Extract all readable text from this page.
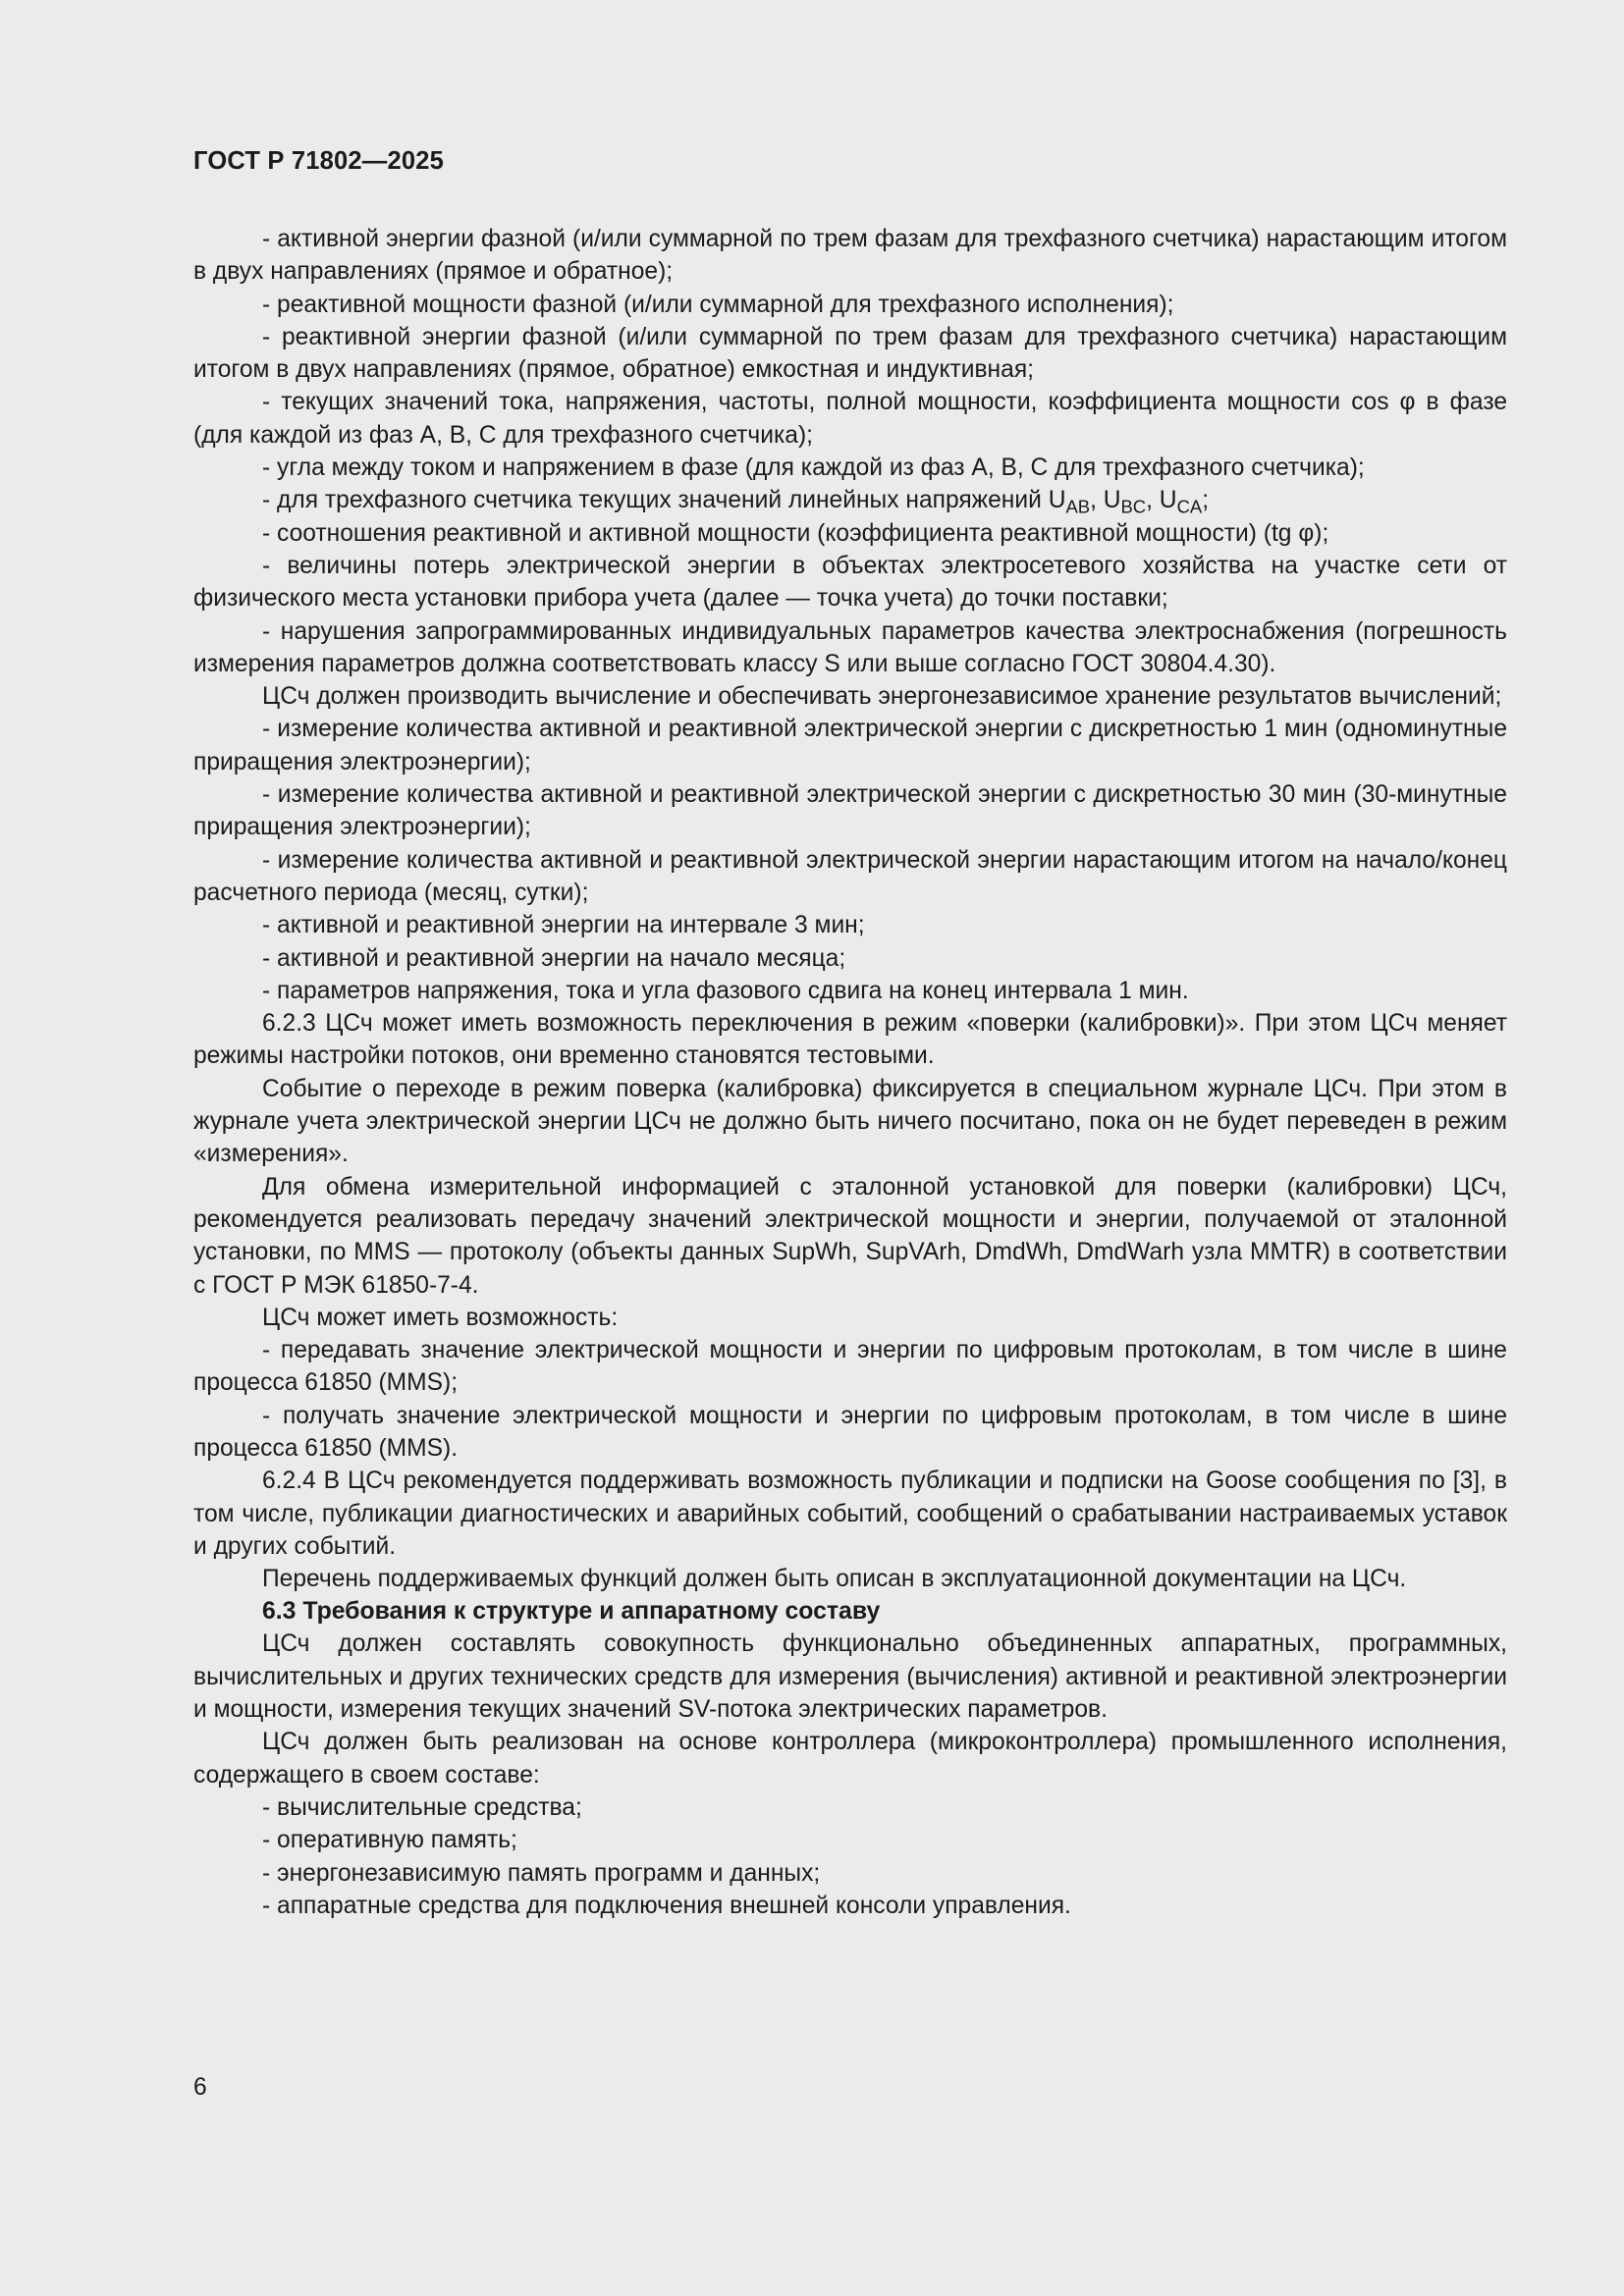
ГОСТ Р 71802—2025

- активной энергии фазной (и/или суммарной по трем фазам для трехфазного счетчика) нарастающим итогом в двух направлениях (прямое и обратное);

- реактивной мощности фазной (и/или суммарной для трехфазного исполнения);

- реактивной энергии фазной (и/или суммарной по трем фазам для трехфазного счетчика) нарастающим итогом в двух направлениях (прямое, обратное) емкостная и индуктивная;

- текущих значений тока, напряжения, частоты, полной мощности, коэффициента мощности cos φ в фазе (для каждой из фаз A, B, C для трехфазного счетчика);

- угла между током и напряжением в фазе (для каждой из фаз A, B, C для трехфазного счетчика);

- для трехфазного счетчика текущих значений линейных напряжений $U_{AB}$, $U_{BC}$, $U_{CA}$;

- соотношения реактивной и активной мощности (коэффициента реактивной мощности) (tg φ);

- величины потерь электрической энергии в объектах электросетевого хозяйства на участке сети от физического места установки прибора учета (далее — точка учета) до точки поставки;

- нарушения запрограммированных индивидуальных параметров качества электроснабжения (погрешность измерения параметров должна соответствовать классу S или выше согласно ГОСТ 30804.4.30).

ЦСч должен производить вычисление и обеспечивать энергонезависимое хранение результатов вычислений;

- измерение количества активной и реактивной электрической энергии с дискретностью 1 мин (одноминутные приращения электроэнергии);

- измерение количества активной и реактивной электрической энергии с дискретностью 30 мин (30-минутные приращения электроэнергии);

- измерение количества активной и реактивной электрической энергии нарастающим итогом на начало/конец расчетного периода (месяц, сутки);

- активной и реактивной энергии на интервале 3 мин;

- активной и реактивной энергии на начало месяца;

- параметров напряжения, тока и угла фазового сдвига на конец интервала 1 мин.

6.2.3 ЦСч может иметь возможность переключения в режим «поверки (калибровки)». При этом ЦСч меняет режимы настройки потоков, они временно становятся тестовыми.

Событие о переходе в режим поверка (калибровка) фиксируется в специальном журнале ЦСч. При этом в журнале учета электрической энергии ЦСч не должно быть ничего посчитано, пока он не будет переведен в режим «измерения».

Для обмена измерительной информацией с эталонной установкой для поверки (калибровки) ЦСч, рекомендуется реализовать передачу значений электрической мощности и энергии, получаемой от эталонной установки, по MMS — протоколу (объекты данных SupWh, SupVArh, DmdWh, DmdWarh узла MMTR) в соответствии с ГОСТ Р МЭК 61850-7-4.

ЦСч может иметь возможность:

- передавать значение электрической мощности и энергии по цифровым протоколам, в том числе в шине процесса 61850 (MMS);

- получать значение электрической мощности и энергии по цифровым протоколам, в том числе в шине процесса 61850 (MMS).

6.2.4 В ЦСч рекомендуется поддерживать возможность публикации и подписки на Goose сообщения по [3], в том числе, публикации диагностических и аварийных событий, сообщений о срабатывании настраиваемых уставок и других событий.

Перечень поддерживаемых функций должен быть описан в эксплуатационной документации на ЦСч.

6.3 Требования к структуре и аппаратному составу

ЦСч должен составлять совокупность функционально объединенных аппаратных, программных, вычислительных и других технических средств для измерения (вычисления) активной и реактивной электроэнергии и мощности, измерения текущих значений SV-потока электрических параметров.

ЦСч должен быть реализован на основе контроллера (микроконтроллера) промышленного исполнения, содержащего в своем составе:

- вычислительные средства;

- оперативную память;

- энергонезависимую память программ и данных;

- аппаратные средства для подключения внешней консоли управления.

6
